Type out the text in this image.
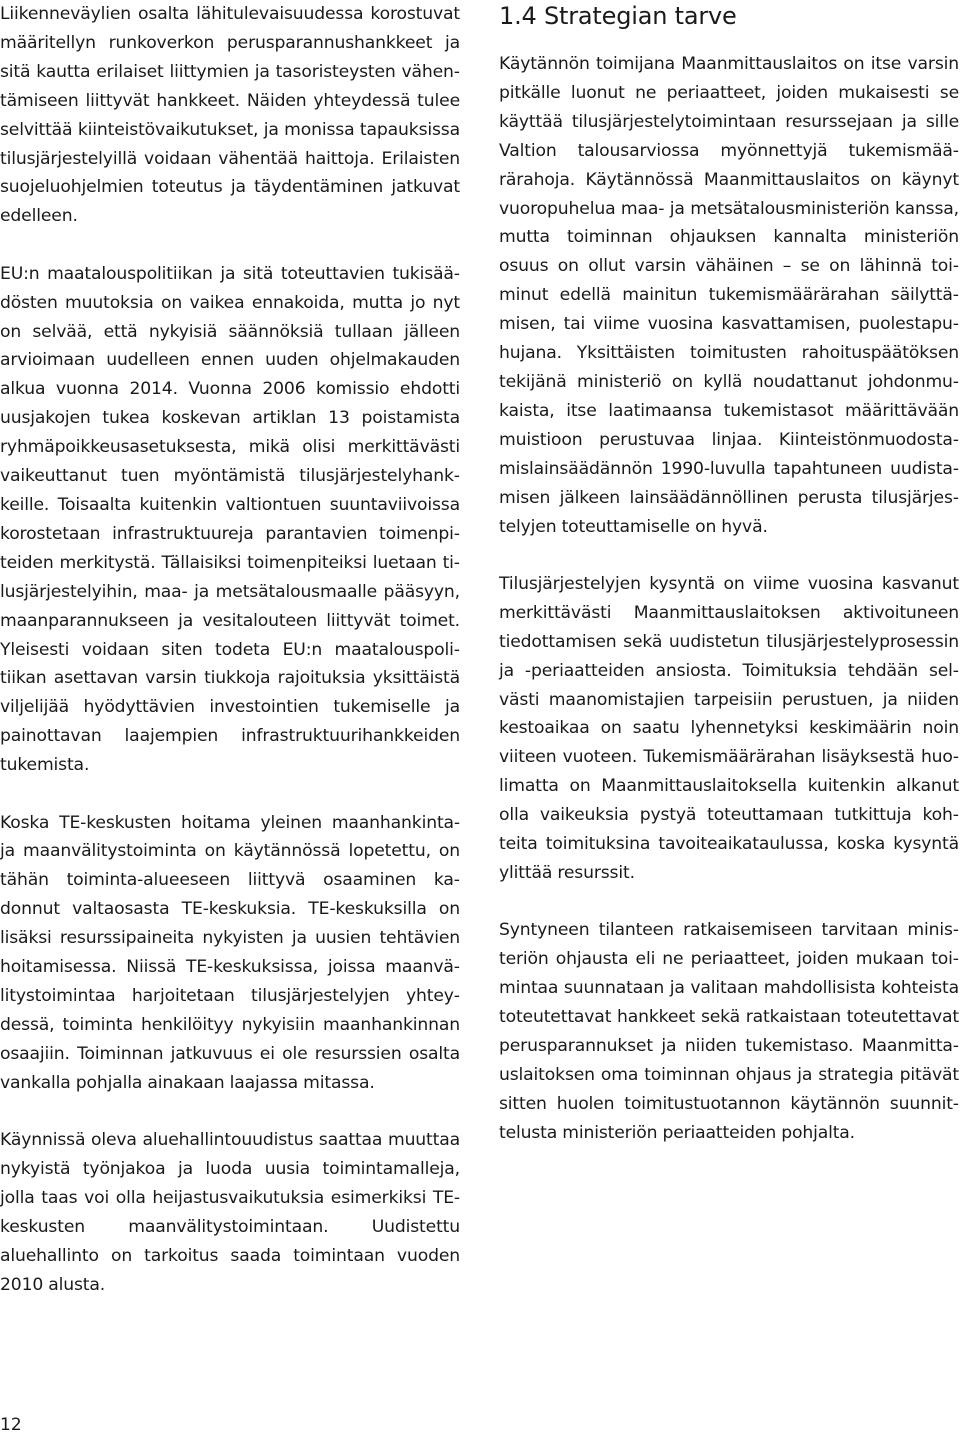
Liikenneväylien osalta lähitulevaisuudessa korostuvat määritellyn runkoverkon perusparannushankkeet ja sitä kautta erilaiset liittymien ja tasoristeysten vähentämiseen liittyvät hankkeet. Näiden yhteydessä tulee selvittää kiinteistövaikutukset, ja monissa tapauksissa tilusjärjestelyillä voidaan vähentää haittoja. Erilaisten suojeluohjelmien toteutus ja täydentäminen jatkuvat edelleen.

EU:n maatalouspolitiikan ja sitä toteuttavien tukisäädösten muutoksia on vaikea ennakoida, mutta jo nyt on selvää, että nykyisiä säännöksiä tullaan jälleen arvioimaan uudelleen ennen uuden ohjelmakauden alkua vuonna 2014. Vuonna 2006 komissio ehdotti uusjakojen tukea koskevan artiklan 13 poistamista ryhmäpoikkeusasetuksesta, mikä olisi merkittävästi vaikeuttanut tuen myöntämistä tilusjärjestelyhankkeille. Toisaalta kuitenkin valtiontuen suuntaviivoissa korostetaan infrastruktuureja parantavien toimenpiteiden merkitystä. Tällaisiksi toimenpiteiksi luetaan tilusjärjestelyihin, maa- ja metsätalousmaalle pääsyyn, maanparannukseen ja vesitalouteen liittyvät toimet. Yleisesti voidaan siten todeta EU:n maatalouspolitiikan asettavan varsin tiukkoja rajoituksia yksittäistä viljelijää hyödyttävien investointien tukemiselle ja painottavan laajempien infrastruktuurihankkeiden tukemista.

Koska TE-keskusten hoitama yleinen maanhankinta- ja maanvälitystoiminta on käytännössä lopetettu, on tähän toiminta-alueeseen liittyvä osaaminen kadonnut valtaosasta TE-keskuksia. TE-keskuksilla on lisäksi resurssipaineita nykyisten ja uusien tehtävien hoitamisessa. Niissä TE-keskuksissa, joissa maanvälitystoimintaa harjoitetaan tilusjärjestelyjen yhteydessä, toiminta henkilöityy nykyisiin maanhankinnan osaajiin. Toiminnan jatkuvuus ei ole resurssien osalta vankalla pohjalla ainakaan laajassa mitassa.

Käynnissä oleva aluehallintouudistus saattaa muuttaa nykyistä työnjakoa ja luoda uusia toimintamalleja, jolla taas voi olla heijastusvaikutuksia esimerkiksi TE-keskusten maanvälitystoimintaan. Uudistettu aluehallinto on tarkoitus saada toimintaan vuoden 2010 alusta.

1.4 Strategian tarve

Käytännön toimijana Maanmittauslaitos on itse varsin pitkälle luonut ne periaatteet, joiden mukaisesti se käyttää tilusjärjestelytoimintaan resurssejaan ja sille Valtion talousarviossa myönnettyjä tukemismäärärahoja. Käytännössä Maanmittauslaitos on käynyt vuoropuhelua maa- ja metsätalousministeriön kanssa, mutta toiminnan ohjauksen kannalta ministeriön osuus on ollut varsin vähäinen – se on lähinnä toiminut edellä mainitun tukemismäärärahan säilyttämisen, tai viime vuosina kasvattamisen, puolestapuhujana. Yksittäisten toimitusten rahoituspäätöksen tekijänä ministeriö on kyllä noudattanut johdonmukaista, itse laatimaansa tukemistasot määrittävään muistioon perustuvaa linjaa. Kiinteistönmuodostamislainsäädännön 1990-luvulla tapahtuneen uudistamisen jälkeen lainsäädännöllinen perusta tilusjärjestelyjen toteuttamiselle on hyvä.

Tilusjärjestelyjen kysyntä on viime vuosina kasvanut merkittävästi Maanmittauslaitoksen aktivoituneen tiedottamisen sekä uudistetun tilusjärjestelyprosessin ja -periaatteiden ansiosta. Toimituksia tehdään selvästi maanomistajien tarpeisiin perustuen, ja niiden kestoaikaa on saatu lyhennetyksi keskimäärin noin viiteen vuoteen. Tukemismäärärahan lisäyksestä huolimatta on Maanmittauslaitoksella kuitenkin alkanut olla vaikeuksia pystyä toteuttamaan tutkittuja kohteita toimituksina tavoiteaikataulussa, koska kysyntä ylittää resurssit.

Syntyneen tilanteen ratkaisemiseen tarvitaan ministeriön ohjausta eli ne periaatteet, joiden mukaan toimintaa suunnataan ja valitaan mahdollisista kohteista toteutettavat hankkeet sekä ratkaistaan toteutettavat perusparannukset ja niiden tukemistaso. Maanmittauslaitoksen oma toiminnan ohjaus ja strategia pitävät sitten huolen toimitustuotannon käytännön suunnittelusta ministeriön periaatteiden pohjalta.

12
